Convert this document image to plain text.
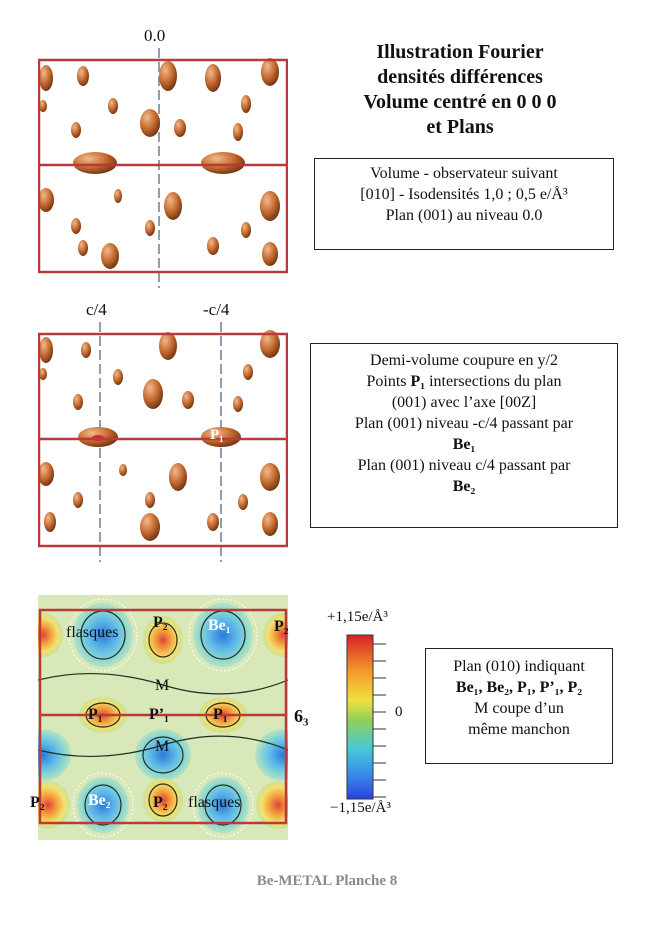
Illustration Fourier
densités différences
Volume centré en 0 0 0
et Plans
0.0
Volume - observateur suivant
[010] - Isodensités 1,0 ; 0,5 e/Å³
Plan (001) au niveau 0.0
c/4	-c/4
P₁
Demi-volume coupure en y/2
Points P₁ intersections du plan
(001) avec l’axe [00Z]
Plan (001) niveau -c/4 passant par
Be₁
Plan (001) niveau c/4 passant par
Be₂
flasques
P₂	Be₁	P₂
M
P₁	P’₁	P₁	6₃
M
P₂	Be₂	P₂ flasques
+1,15e/Å³
0
−1,15e/Å³
Plan (010) indiquant
Be₁, Be₂, P₁, P’₁, P₂
M coupe d’un
même manchon
Be-METAL Planche 8
